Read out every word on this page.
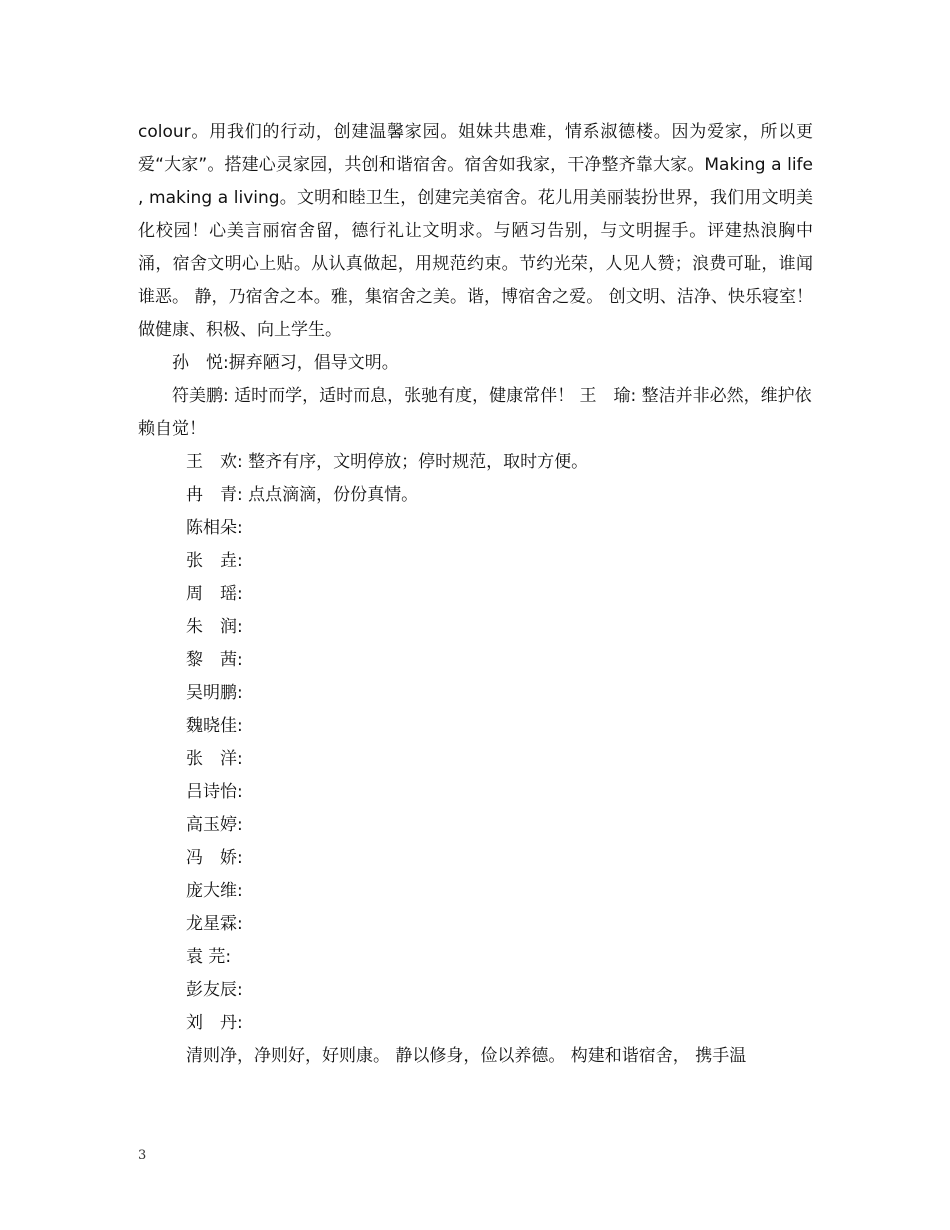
colour。用我们的行动，创建温馨家园。姐妹共患难，情系淑德楼。因为爱家，所以更爱“大家”。搭建心灵家园，共创和谐宿舍。宿舍如我家，干净整齐靠大家。Making a life , making a living。文明和睦卫生，创建完美宿舍。花儿用美丽装扮世界，我们用文明美化校园！心美言丽宿舍留，德行礼让文明求。与陋习告别，与文明握手。评建热浪胸中涌，宿舍文明心上贴。从认真做起，用规范约束。节约光荣，人见人赞；浪费可耻，谁闻谁恶。 静，乃宿舍之本。雅，集宿舍之美。谐，博宿舍之爱。 创文明、洁净、快乐寝室！做健康、积极、向上学生。

孙　悦:摒弃陋习，倡导文明。

符美鹏: 适时而学，适时而息，张驰有度，健康常伴！ 王　瑜: 整洁并非必然，维护依赖自觉！

王　欢: 整齐有序，文明停放；停时规范，取时方便。

冉　青: 点点滴滴，份份真情。

陈相朵:

张　垚:

周　瑶:

朱　润:

黎　茜:

吴明鹏:

魏晓佳:

张　洋:

吕诗怡:

高玉婷:

冯　娇:

庞大维:

龙星霖:

袁 芫:

彭友辰:

刘　丹:

清则净，净则好，好则康。 静以修身，俭以养德。 构建和谐宿舍， 携手温

3
